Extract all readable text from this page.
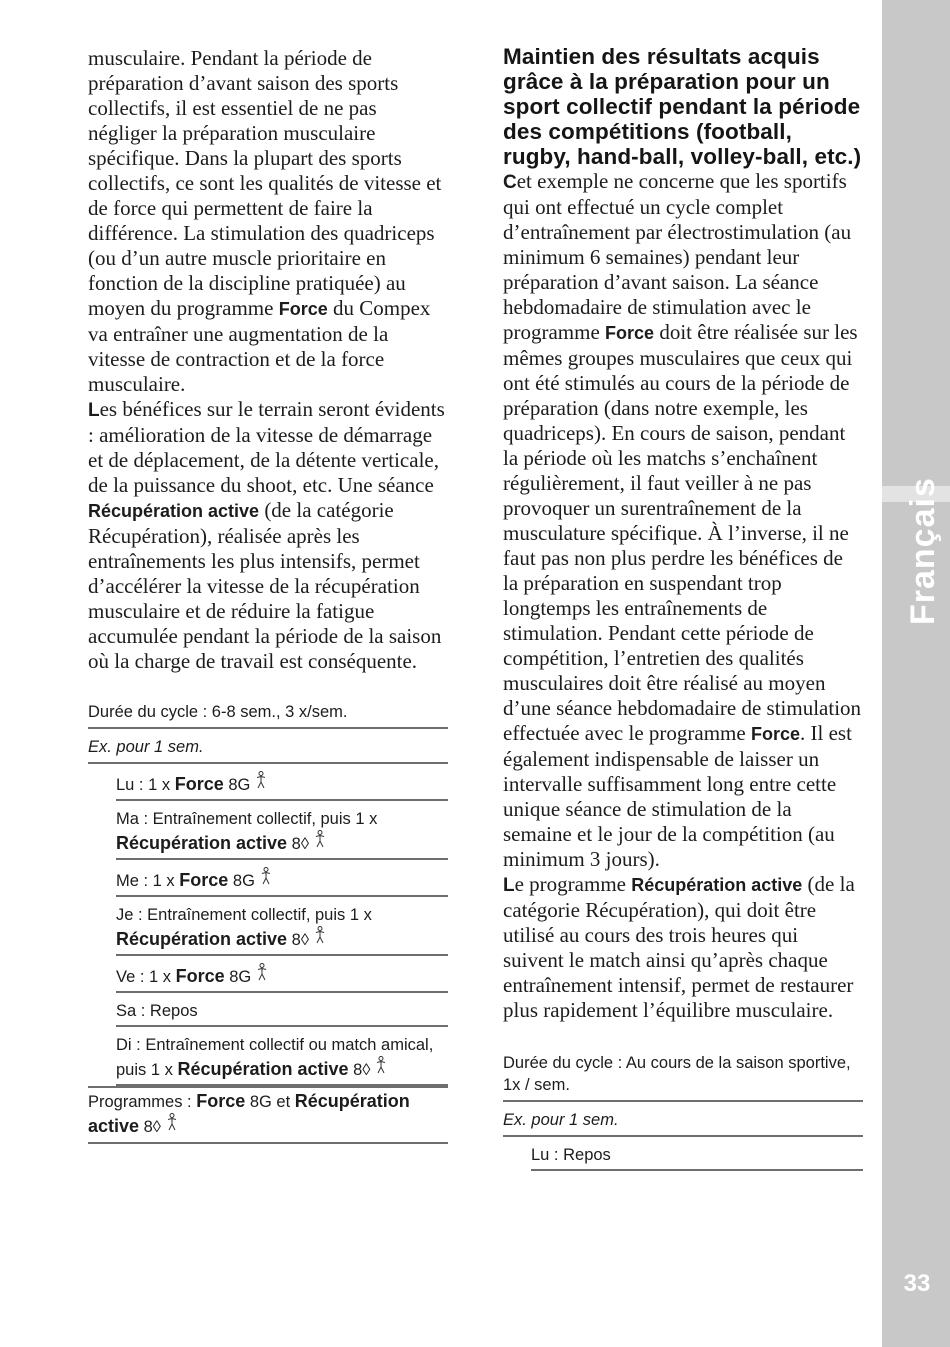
musculaire. Pendant la période de préparation d’avant saison des sports collectifs, il est essentiel de ne pas négliger la préparation musculaire spécifique. Dans la plupart des sports collectifs, ce sont les qualités de vitesse et de force qui permettent de faire la différence. La stimulation des quadriceps (ou d’un autre muscle prioritaire en fonction de la discipline pratiquée) au moyen du programme Force du Compex va entraîner une augmentation de la vitesse de contraction et de la force musculaire.

Les bénéfices sur le terrain seront évidents : amélioration de la vitesse de démarrage et de déplacement, de la détente verticale, de la puissance du shoot, etc. Une séance Récupération active (de la catégorie Récupération), réalisée après les entraînements les plus intensifs, permet d’accélérer la vitesse de la récupération musculaire et de réduire la fatigue accumulée pendant la période de la saison où la charge de travail est conséquente.

Durée du cycle : 6-8 sem., 3 x/sem.
Ex. pour 1 sem.
Lu : 1 x Force 8G
Ma : Entraînement collectif, puis 1 x Récupération active 8◊
Me : 1 x Force 8G
Je : Entraînement collectif, puis 1 x Récupération active 8◊
Ve : 1 x Force 8G
Sa : Repos
Di : Entraînement collectif ou match amical, puis 1 x Récupération active 8◊
Programmes : Force 8G et Récupération active 8◊
Maintien des résultats acquis grâce à la préparation pour un sport collectif pendant la période des compétitions (football, rugby, hand-ball, volley-ball, etc.)

Cet exemple ne concerne que les sportifs qui ont effectué un cycle complet d’entraînement par électrostimulation (au minimum 6 semaines) pendant leur préparation d’avant saison. La séance hebdomadaire de stimulation avec le programme Force doit être réalisée sur les mêmes groupes musculaires que ceux qui ont été stimulés au cours de la période de préparation (dans notre exemple, les quadriceps). En cours de saison, pendant la période où les matchs s’enchaînent régulièrement, il faut veiller à ne pas provoquer un surentraînement de la musculature spécifique. À l’inverse, il ne faut pas non plus perdre les bénéfices de la préparation en suspendant trop longtemps les entraînements de stimulation. Pendant cette période de compétition, l’entretien des qualités musculaires doit être réalisé au moyen d’une séance hebdomadaire de stimulation effectuée avec le programme Force. Il est également indispensable de laisser un intervalle suffisamment long entre cette unique séance de stimulation de la semaine et le jour de la compétition (au minimum 3 jours).

Le programme Récupération active (de la catégorie Récupération), qui doit être utilisé au cours des trois heures qui suivent le match ainsi qu’après chaque entraînement intensif, permet de restaurer plus rapidement l’équilibre musculaire.

Durée du cycle : Au cours de la saison sportive, 1x / sem.
Ex. pour 1 sem.
Lu : Repos
Français
33
